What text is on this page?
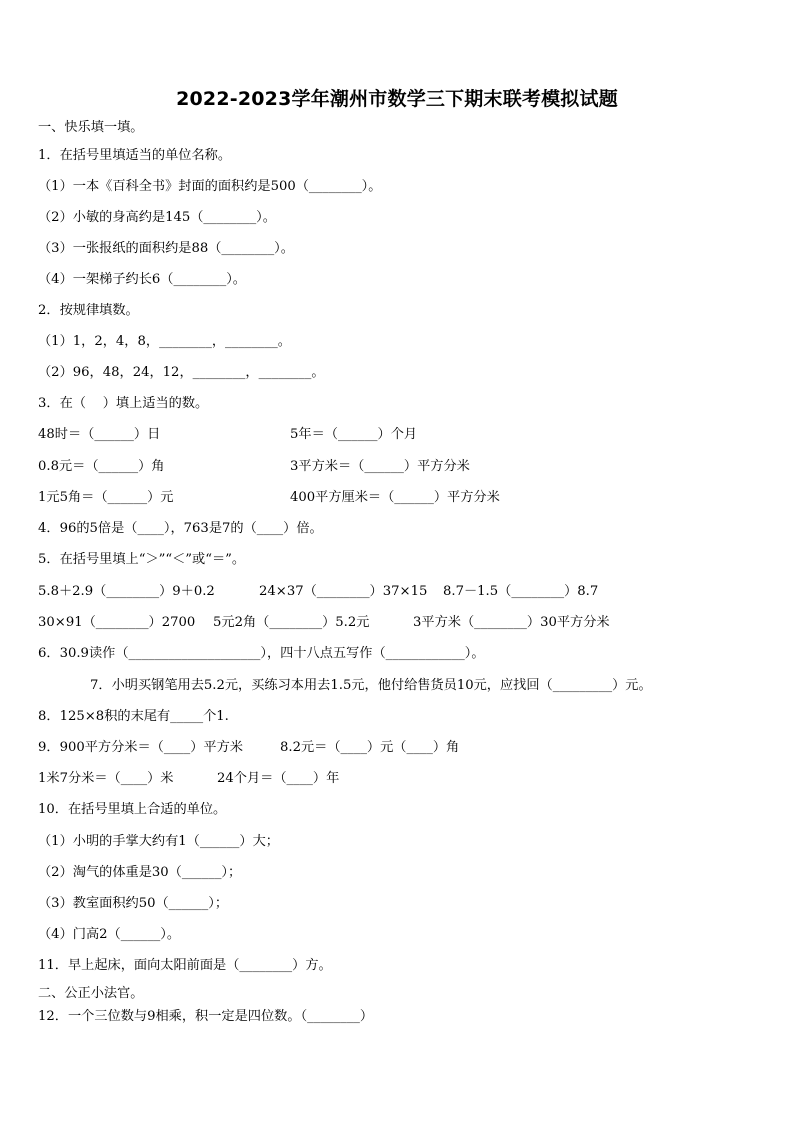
2022-2023学年潮州市数学三下期末联考模拟试题
一、快乐填一填。
1．在括号里填适当的单位名称。
（1）一本《百科全书》封面的面积约是500（________）。
（2）小敏的身高约是145（________）。
（3）一张报纸的面积约是88（________）。
（4）一架梯子约长6（________）。
2．按规律填数。
（1）1，2，4，8，________，________。
（2）96，48，24，12，________，________。
3．在（    ）填上适当的数。
48时＝（______）日	5年＝（______）个月
0.8元＝（______）角	3平方米＝（______）平方分米
1元5角＝（______）元	400平方厘米＝（______）平方分米
4．96的5倍是（____），763是7的（____）倍。
5．在括号里填上“＞”“＜”或“＝”。
5.8＋2.9（________）9＋0.2	24×37（________）37×15 8.7－1.5（________）8.7
30×91（________）2700 5元2角（________）5.2元	3平方米（________）30平方分米
6．30.9读作（____________________），四十八点五写作（____________）。
7．小明买钢笔用去5.2元，买练习本用去1.5元，他付给售货员10元，应找回（_________）元。
8．125×8积的末尾有_____个1.
9．900平方分米＝（____）平方米	8.2元＝（____）元（____）角
1米7分米＝（____）米	24个月＝（____）年
10．在括号里填上合适的单位。
（1）小明的手掌大约有1（______）大；
（2）淘气的体重是30（______）；
（3）教室面积约50（______）；
（4）门高2（______）。
11．早上起床，面向太阳前面是（________）方。
二、公正小法官。
12．一个三位数与9相乘，积一定是四位数。（________）
